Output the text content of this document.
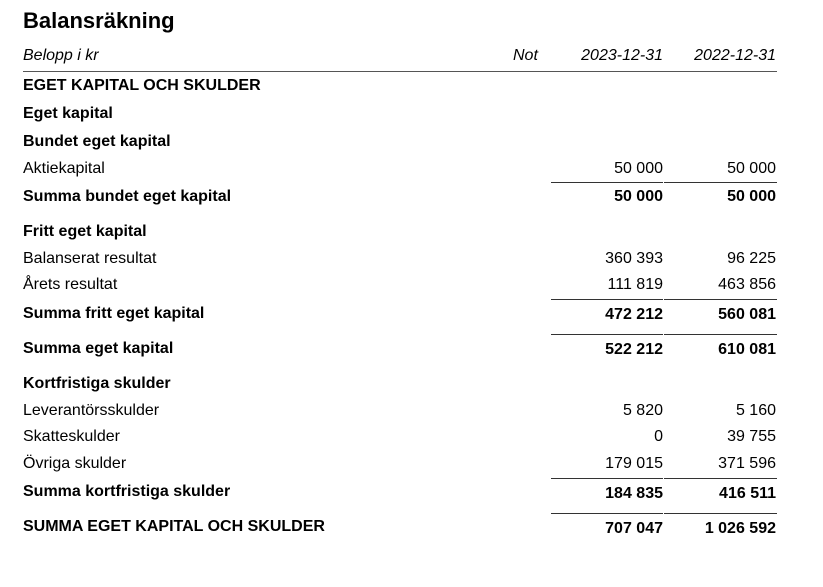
Balansräkning
Belopp i kr	Not	2023-12-31 2022-12-31
EGET KAPITAL OCH SKULDER
Eget kapital
Bundet eget kapital
Aktiekapital	50 000	50 000
Summa bundet eget kapital	50 000	50 000
Fritt eget kapital
Balanserat resultat	360 393	96 225
Årets resultat	111 819	463 856
Summa fritt eget kapital	472 212	560 081
Summa eget kapital	522 212	610 081
Kortfristiga skulder
Leverantörsskulder	5 820	5 160
Skatteskulder	0	39 755
Övriga skulder	179 015	371 596
Summa kortfristiga skulder	184 835	416 511
SUMMA EGET KAPITAL OCH SKULDER	707 047	1 026 592
